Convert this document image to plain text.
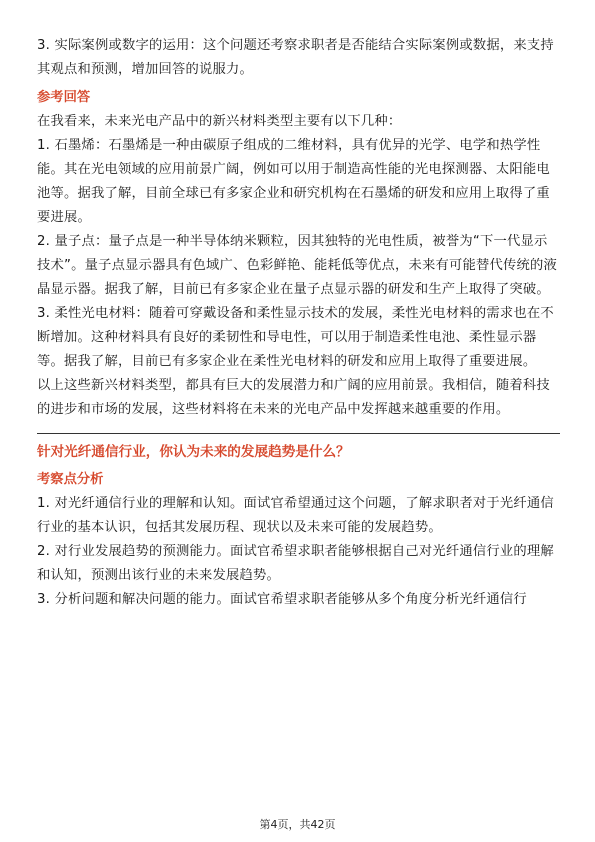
3. 实际案例或数字的运用：这个问题还考察求职者是否能结合实际案例或数据，来支持其观点和预测，增加回答的说服力。

参考回答

在我看来，未来光电产品中的新兴材料类型主要有以下几种：

1. 石墨烯：石墨烯是一种由碳原子组成的二维材料，具有优异的光学、电学和热学性能。其在光电领域的应用前景广阔，例如可以用于制造高性能的光电探测器、太阳能电池等。据我了解，目前全球已有多家企业和研究机构在石墨烯的研发和应用上取得了重要进展。

2. 量子点：量子点是一种半导体纳米颗粒，因其独特的光电性质，被誉为“下一代显示技术”。量子点显示器具有色域广、色彩鲜艳、能耗低等优点，未来有可能替代传统的液晶显示器。据我了解，目前已有多家企业在量子点显示器的研发和生产上取得了突破。

3. 柔性光电材料：随着可穿戴设备和柔性显示技术的发展，柔性光电材料的需求也在不断增加。这种材料具有良好的柔韧性和导电性，可以用于制造柔性电池、柔性显示器等。据我了解，目前已有多家企业在柔性光电材料的研发和应用上取得了重要进展。

以上这些新兴材料类型，都具有巨大的发展潜力和广阔的应用前景。我相信，随着科技的进步和市场的发展，这些材料将在未来的光电产品中发挥越来越重要的作用。

针对光纤通信行业，你认为未来的发展趋势是什么？
考察点分析

1. 对光纤通信行业的理解和认知。面试官希望通过这个问题，了解求职者对于光纤通信行业的基本认识，包括其发展历程、现状以及未来可能的发展趋势。

2. 对行业发展趋势的预测能力。面试官希望求职者能够根据自己对光纤通信行业的理解和认知，预测出该行业的未来发展趋势。

3. 分析问题和解决问题的能力。面试官希望求职者能够从多个角度分析光纤通信行

第4页，共42页
